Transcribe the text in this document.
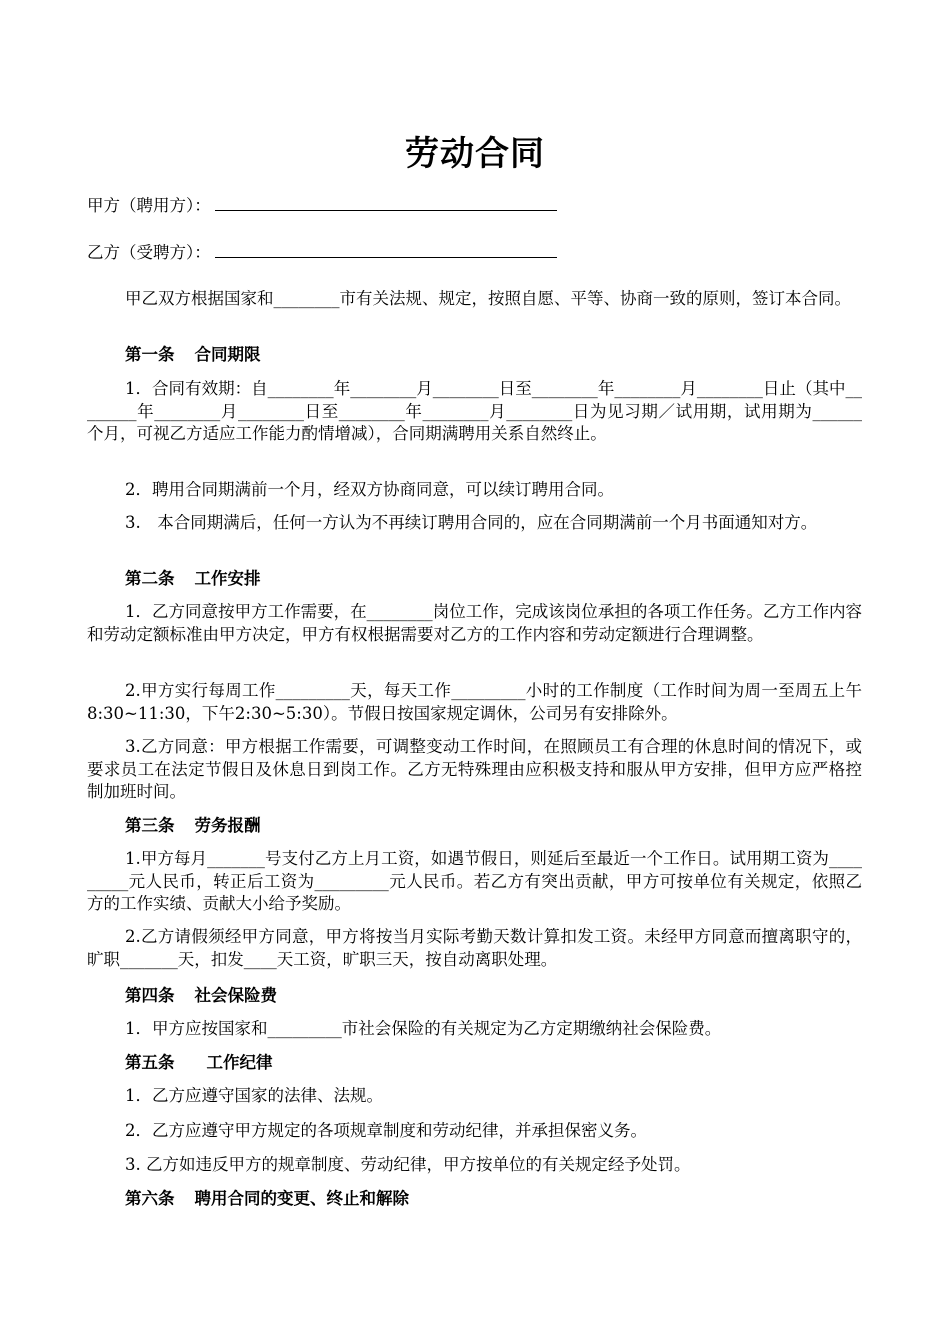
劳动合同
甲方（聘用方）：
乙方（受聘方）：
甲乙双方根据国家和________市有关法规、规定，按照自愿、平等、协商一致的原则，签订本合同。
第一条 合同期限
1．合同有效期：自________年________月________日至________年________月________日止（其中________年________月________日至________年________月________日为见习期／试用期，试用期为______个月，可视乙方适应工作能力酌情增减），合同期满聘用关系自然终止。
2．聘用合同期满前一个月，经双方协商同意，可以续订聘用合同。
3.　本合同期满后，任何一方认为不再续订聘用合同的，应在合同期满前一个月书面通知对方。
第二条 工作安排
1．乙方同意按甲方工作需要，在________岗位工作，完成该岗位承担的各项工作任务。乙方工作内容和劳动定额标准由甲方决定，甲方有权根据需要对乙方的工作内容和劳动定额进行合理调整。
2.甲方实行每周工作_________天，每天工作_________小时的工作制度（工作时间为周一至周五上午8:30~11:30，下午2:30~5:30）。节假日按国家规定调休，公司另有安排除外。
3.乙方同意：甲方根据工作需要，可调整变动工作时间，在照顾员工有合理的休息时间的情况下，或要求员工在法定节假日及休息日到岗工作。乙方无特殊理由应积极支持和服从甲方安排，但甲方应严格控制加班时间。
第三条 劳务报酬
1.甲方每月_______号支付乙方上月工资，如遇节假日，则延后至最近一个工作日。试用期工资为_________元人民币，转正后工资为_________元人民币。若乙方有突出贡献，甲方可按单位有关规定，依照乙方的工作实绩、贡献大小给予奖励。
2.乙方请假须经甲方同意，甲方将按当月实际考勤天数计算扣发工资。未经甲方同意而擅离职守的，旷职_______天，扣发____天工资，旷职三天，按自动离职处理。
第四条 社会保险费
1．甲方应按国家和_________市社会保险的有关规定为乙方定期缴纳社会保险费。
第五条 工作纪律
1．乙方应遵守国家的法律、法规。
2．乙方应遵守甲方规定的各项规章制度和劳动纪律，并承担保密义务。
3. 乙方如违反甲方的规章制度、劳动纪律，甲方按单位的有关规定经予处罚。
第六条 聘用合同的变更、终止和解除
